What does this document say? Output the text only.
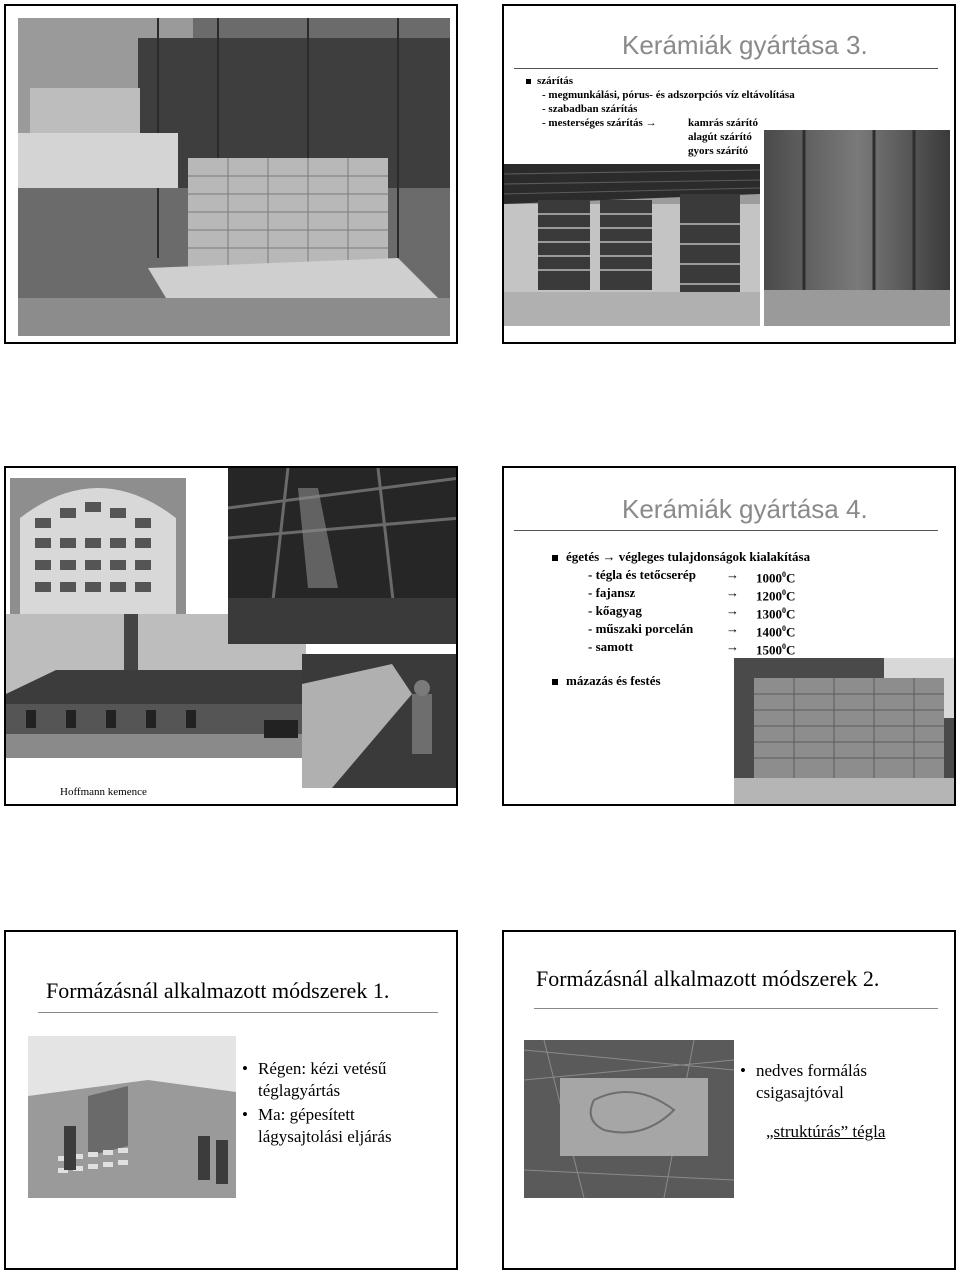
Kerámiák gyártása 3.
szárítás
- megmunkálási, pórus- és adszorpciós víz eltávolítása
- szabadban szárítás
- mesterséges szárítás →	kamrás szárító
alagút szárító
gyors szárító
Hoffmann kemence
Kerámiák gyártása 4.
égetés → végleges tulajdonságok kialakítása
- tégla és tetőcserép → $1000^0C$
- fajansz	→ $1200^0C$
- kőagyag	→ $1300^0C$
- műszaki porcelán	→ $1400^0C$
- samott	→ $1500^0C$
mázazás és festés
Formázásnál alkalmazott módszerek 1.
• Régen: kézi vetésű téglagyártás
• Ma: gépesített lágysajtolási eljárás
Formázásnál alkalmazott módszerek 2.
• nedves formálás csigasajtóval
„struktúrás” tégla
